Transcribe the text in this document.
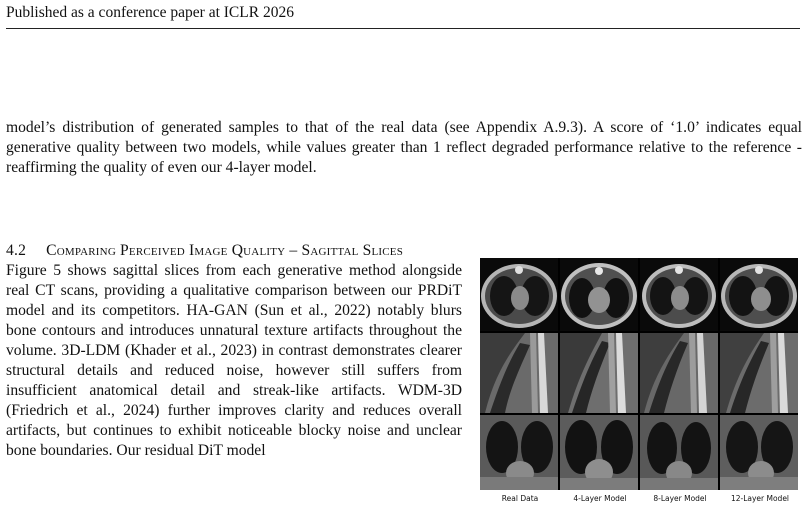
Published as a conference paper at ICLR 2026
model’s distribution of generated samples to that of the real data (see Appendix A.9.3). A score of ‘1.0’ indicates equal generative quality between two models, while values greater than 1 reflect degraded performance relative to the reference - reaffirming the quality of even our 4-layer model.
4.2 Comparing Perceived Image Quality – Sagittal Slices

Figure 5 shows sagittal slices from each generative method alongside real CT scans, providing a qualitative comparison between our PRDiT model and its competitors. HA-GAN (Sun et al., 2022) notably blurs bone contours and introduces unnatural texture artifacts throughout the volume. 3D-LDM (Khader et al., 2023) in contrast demonstrates clearer structural details and reduced noise, however still suffers from insufficient anatomical detail and streak-like artifacts. WDM-3D (Friedrich et al., 2024) further improves clarity and reduces overall artifacts, but continues to exhibit noticeable blocky noise and unclear bone boundaries. Our residual DiT model

Real Data	4-Layer Model	8-Layer Model	12-Layer Model
